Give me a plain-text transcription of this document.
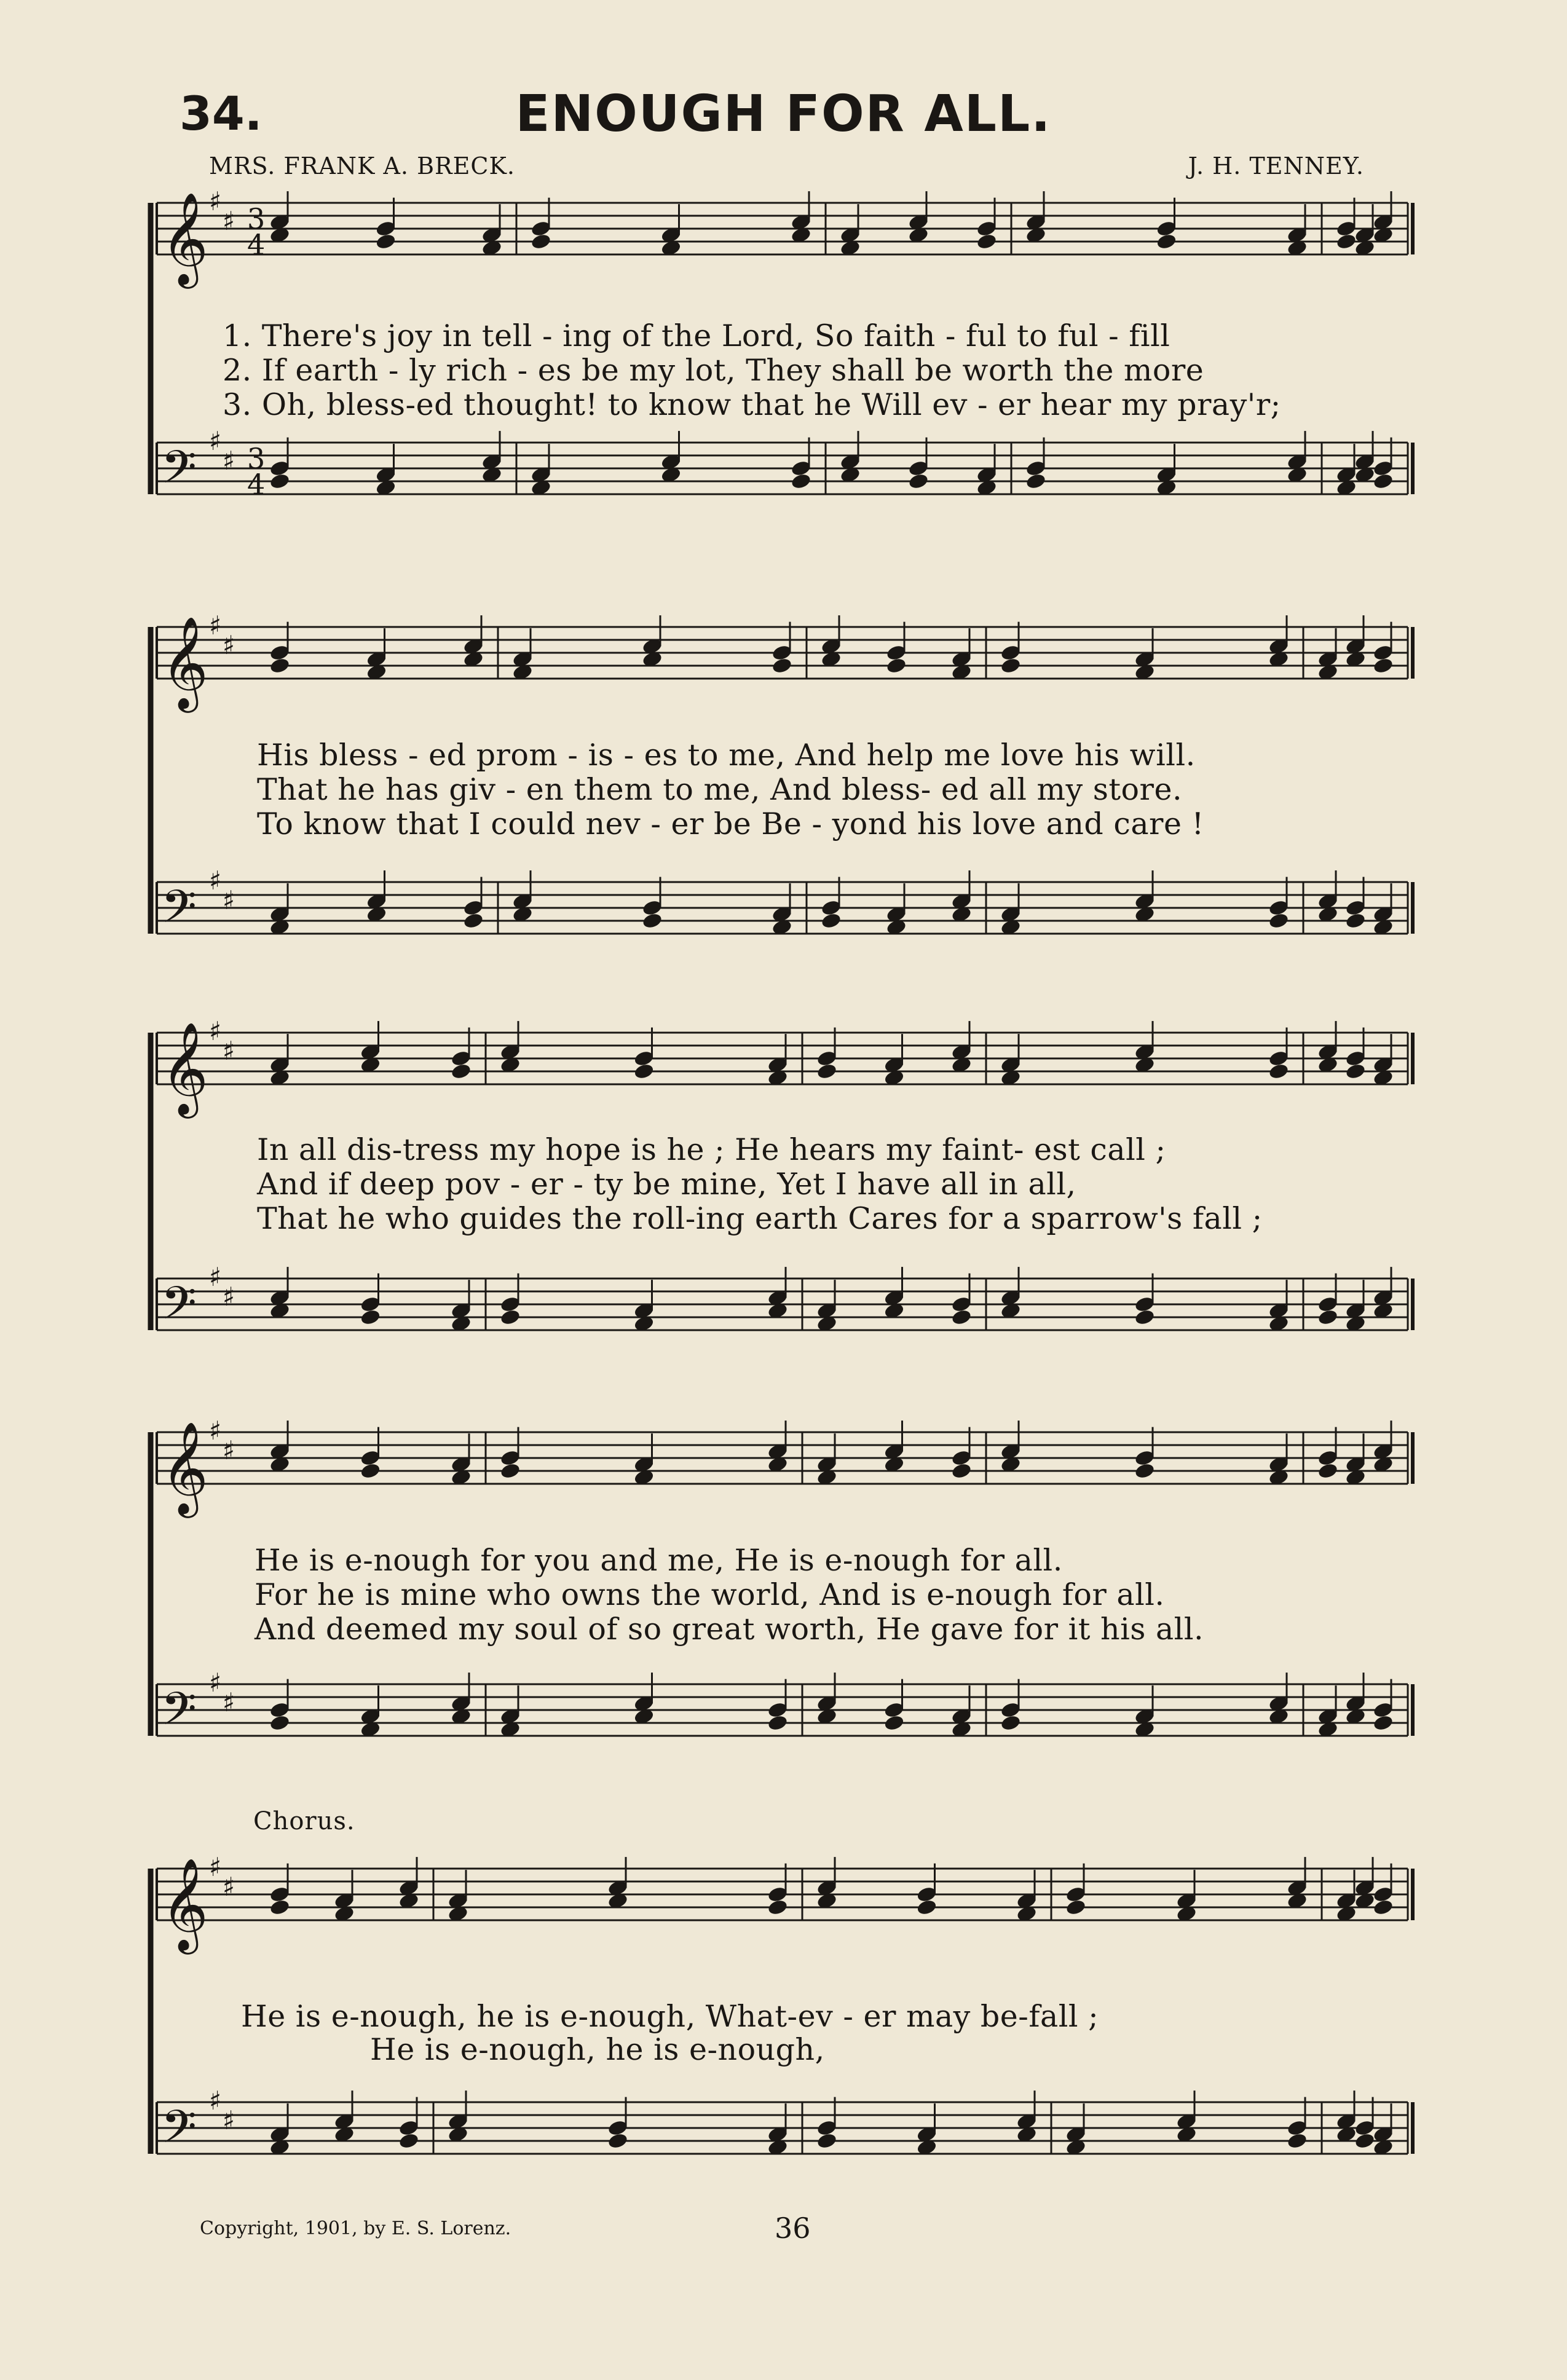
34.	ENOUGH FOR ALL.
MRS. FRANK A. BRECK.	J. H. TENNEY.
1. There's joy in tell - ing of the Lord, So faith - ful to ful - fill
2. If earth - ly rich - es be my lot, They shall be worth the more
3. Oh, bless-ed thought! to know that he Will ev - er hear my pray'r;
His bless - ed prom - is - es to me, And help me love his will.
That he has giv - en them to me, And bless- ed all my store.
To know that I could nev - er be Be - yond his love and care !
In all dis-tress my hope is he ; He hears my faint- est call ;
And if deep pov - er - ty be mine, Yet I have all in all,
That he who guides the roll-ing earth Cares for a sparrow's fall ;
He is e-nough for you and me, He is e-nough for all.
For he is mine who owns the world, And is e-nough for all.
And deemed my soul of so great worth, He gave for it his all.
Chorus.
He is e-nough, he is e-nough, What-ev - er may be-fall ;
He is e-nough, he is e-nough,
Copyright, 1901, by E. S. Lorenz.	36
𝄞 ♯
♯ 3
4
𝄢 ♯
♯ 3
4
𝄞 ♯
♯
𝄢 ♯
♯
𝄞 ♯
♯
𝄢 ♯
♯
𝄞 ♯
♯
𝄢 ♯
♯
𝄞 ♯
♯
𝄢 ♯
♯
